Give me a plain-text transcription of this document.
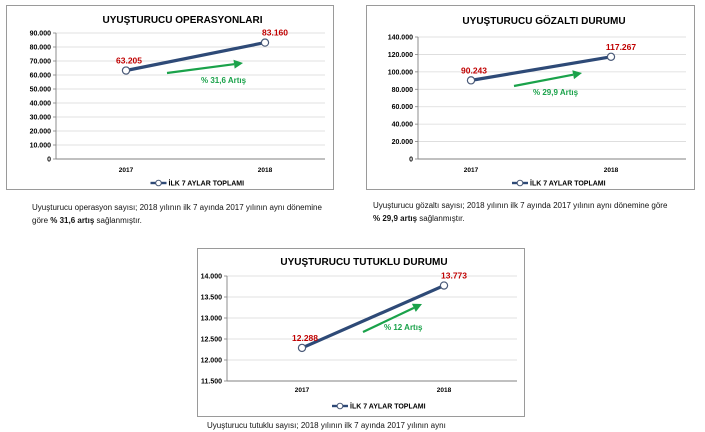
UYUŞTURUCU OPERASYONLARI
0
10.000
20.000
30.000
40.000
50.000
60.000
70.000
80.000
90.000
2017	2018
63.205
83.160
% 31,6 Artış
İLK 7 AYLAR TOPLAMI
UYUŞTURUCU GÖZALTI DURUMU
0
20.000
40.000
60.000
80.000
100.000
120.000
140.000
2017	2018
90.243
117.267
% 29,9 Artış
İLK 7 AYLAR TOPLAMI
UYUŞTURUCU TUTUKLU DURUMU
11.500
12.000
12.500
13.000
13.500
14.000
2017	2018
12.288
13.773
% 12 Artış
İLK 7 AYLAR TOPLAMI
Uyuşturucu operasyon sayısı; 2018 yılının ilk 7 ayında 2017 yılının aynı dönemine göre % 31,6 artış sağlanmıştır.
Uyuşturucu gözaltı sayısı; 2018 yılının ilk 7 ayında 2017 yılının aynı dönemine göre % 29,9 artış sağlanmıştır.
Uyuşturucu tutuklu sayısı; 2018 yılının ilk 7 ayında 2017 yılının aynı
